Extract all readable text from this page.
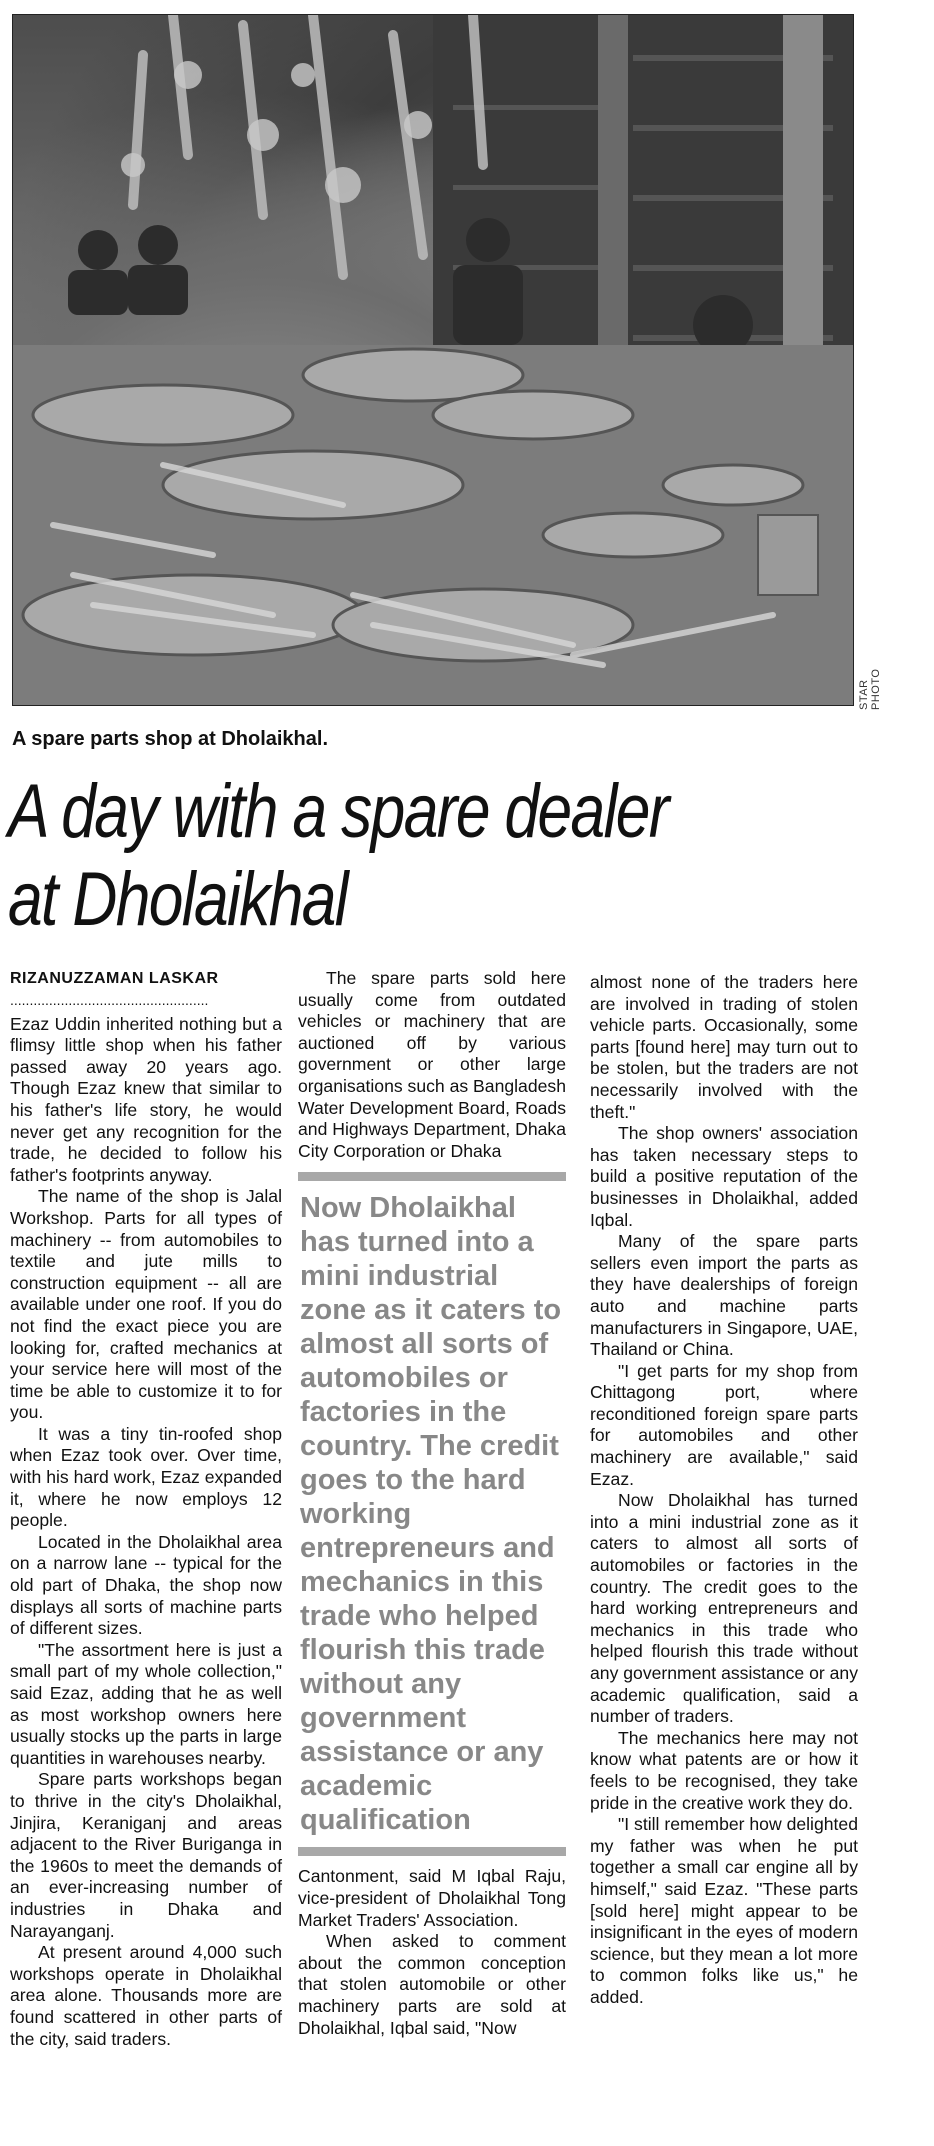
STAR PHOTO
A spare parts shop at Dholaikhal.
A day with a spare dealer
at Dholaikhal
RIZANUZZAMAN LASKAR
...................................................

Ezaz Uddin inherited nothing but a flimsy little shop when his father passed away 20 years ago. Though Ezaz knew that similar to his father's life story, he would never get any recognition for the trade, he decided to follow his father's footprints anyway.

The name of the shop is Jalal Workshop. Parts for all types of machinery -- from automobiles to textile and jute mills to construction equipment -- all are available under one roof. If you do not find the exact piece you are looking for, crafted mechanics at your service here will most of the time be able to customize it to for you.

It was a tiny tin-roofed shop when Ezaz took over. Over time, with his hard work, Ezaz expanded it, where he now employs 12 people.

Located in the Dholaikhal area on a narrow lane -- typical for the old part of Dhaka, the shop now displays all sorts of machine parts of different sizes.

"The assortment here is just a small part of my whole collection," said Ezaz, adding that he as well as most workshop owners here usually stocks up the parts in large quantities in warehouses nearby.

Spare parts workshops began to thrive in the city's Dholaikhal, Jinjira, Keraniganj and areas adjacent to the River Buriganga in the 1960s to meet the demands of an ever-increasing number of industries in Dhaka and Narayanganj.

At present around 4,000 such workshops operate in Dholaikhal area alone. Thousands more are found scattered in other parts of the city, said traders.

The spare parts sold here usually come from outdated vehicles or machinery that are auctioned off by various government or other large organisations such as Bangladesh Water Development Board, Roads and Highways Department, Dhaka City Corporation or Dhaka

Now Dholaikhal has turned into a mini industrial zone as it caters to almost all sorts of automobiles or factories in the country. The credit goes to the hard working entrepreneurs and mechanics in this trade who helped flourish this trade without any government assistance or any academic qualification

Cantonment, said M Iqbal Raju, vice-president of Dholaikhal Tong Market Traders' Association.

When asked to comment about the common conception that stolen automobile or other machinery parts are sold at Dholaikhal, Iqbal said, "Now

almost none of the traders here are involved in trading of stolen vehicle parts. Occasionally, some parts [found here] may turn out to be stolen, but the traders are not necessarily involved with the theft."

The shop owners' association has taken necessary steps to build a positive reputation of the businesses in Dholaikhal, added Iqbal.

Many of the spare parts sellers even import the parts as they have dealerships of foreign auto and machine parts manufacturers in Singapore, UAE, Thailand or China.

"I get parts for my shop from Chittagong port, where reconditioned foreign spare parts for automobiles and other machinery are available," said Ezaz.

Now Dholaikhal has turned into a mini industrial zone as it caters to almost all sorts of automobiles or factories in the country. The credit goes to the hard working entrepreneurs and mechanics in this trade who helped flourish this trade without any government assistance or any academic qualification, said a number of traders.

The mechanics here may not know what patents are or how it feels to be recognised, they take pride in the creative work they do.

"I still remember how delighted my father was when he put together a small car engine all by himself," said Ezaz. "These parts [sold here] might appear to be insignificant in the eyes of modern science, but they mean a lot more to common folks like us," he added.
